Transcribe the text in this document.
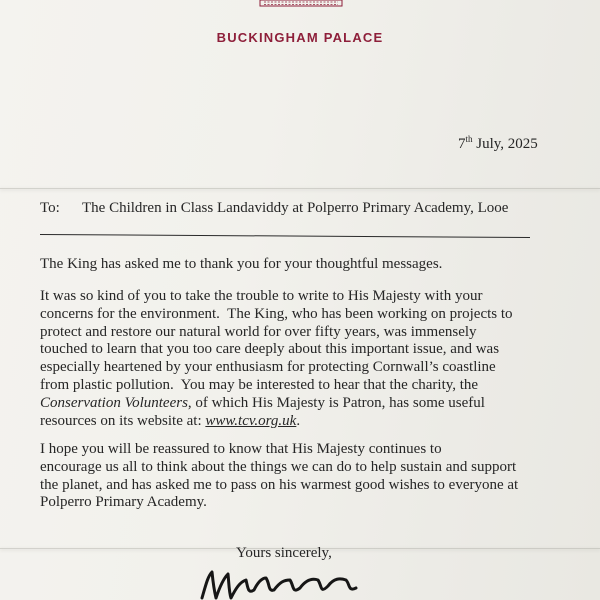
BUCKINGHAM PALACE
7th July, 2025
To: The Children in Class Landaviddy at Polperro Primary Academy, Looe
The King has asked me to thank you for your thoughtful messages.
It was so kind of you to take the trouble to write to His Majesty with your
concerns for the environment.  The King, who has been working on projects to
protect and restore our natural world for over fifty years, was immensely
touched to learn that you too care deeply about this important issue, and was
especially heartened by your enthusiasm for protecting Cornwall’s coastline
from plastic pollution.  You may be interested to hear that the charity, the
Conservation Volunteers, of which His Majesty is Patron, has some useful
resources on its website at: www.tcv.org.uk.
I hope you will be reassured to know that His Majesty continues to
encourage us all to think about the things we can do to help sustain and support
the planet, and has asked me to pass on his warmest good wishes to everyone at
Polperro Primary Academy.
Yours sincerely,
